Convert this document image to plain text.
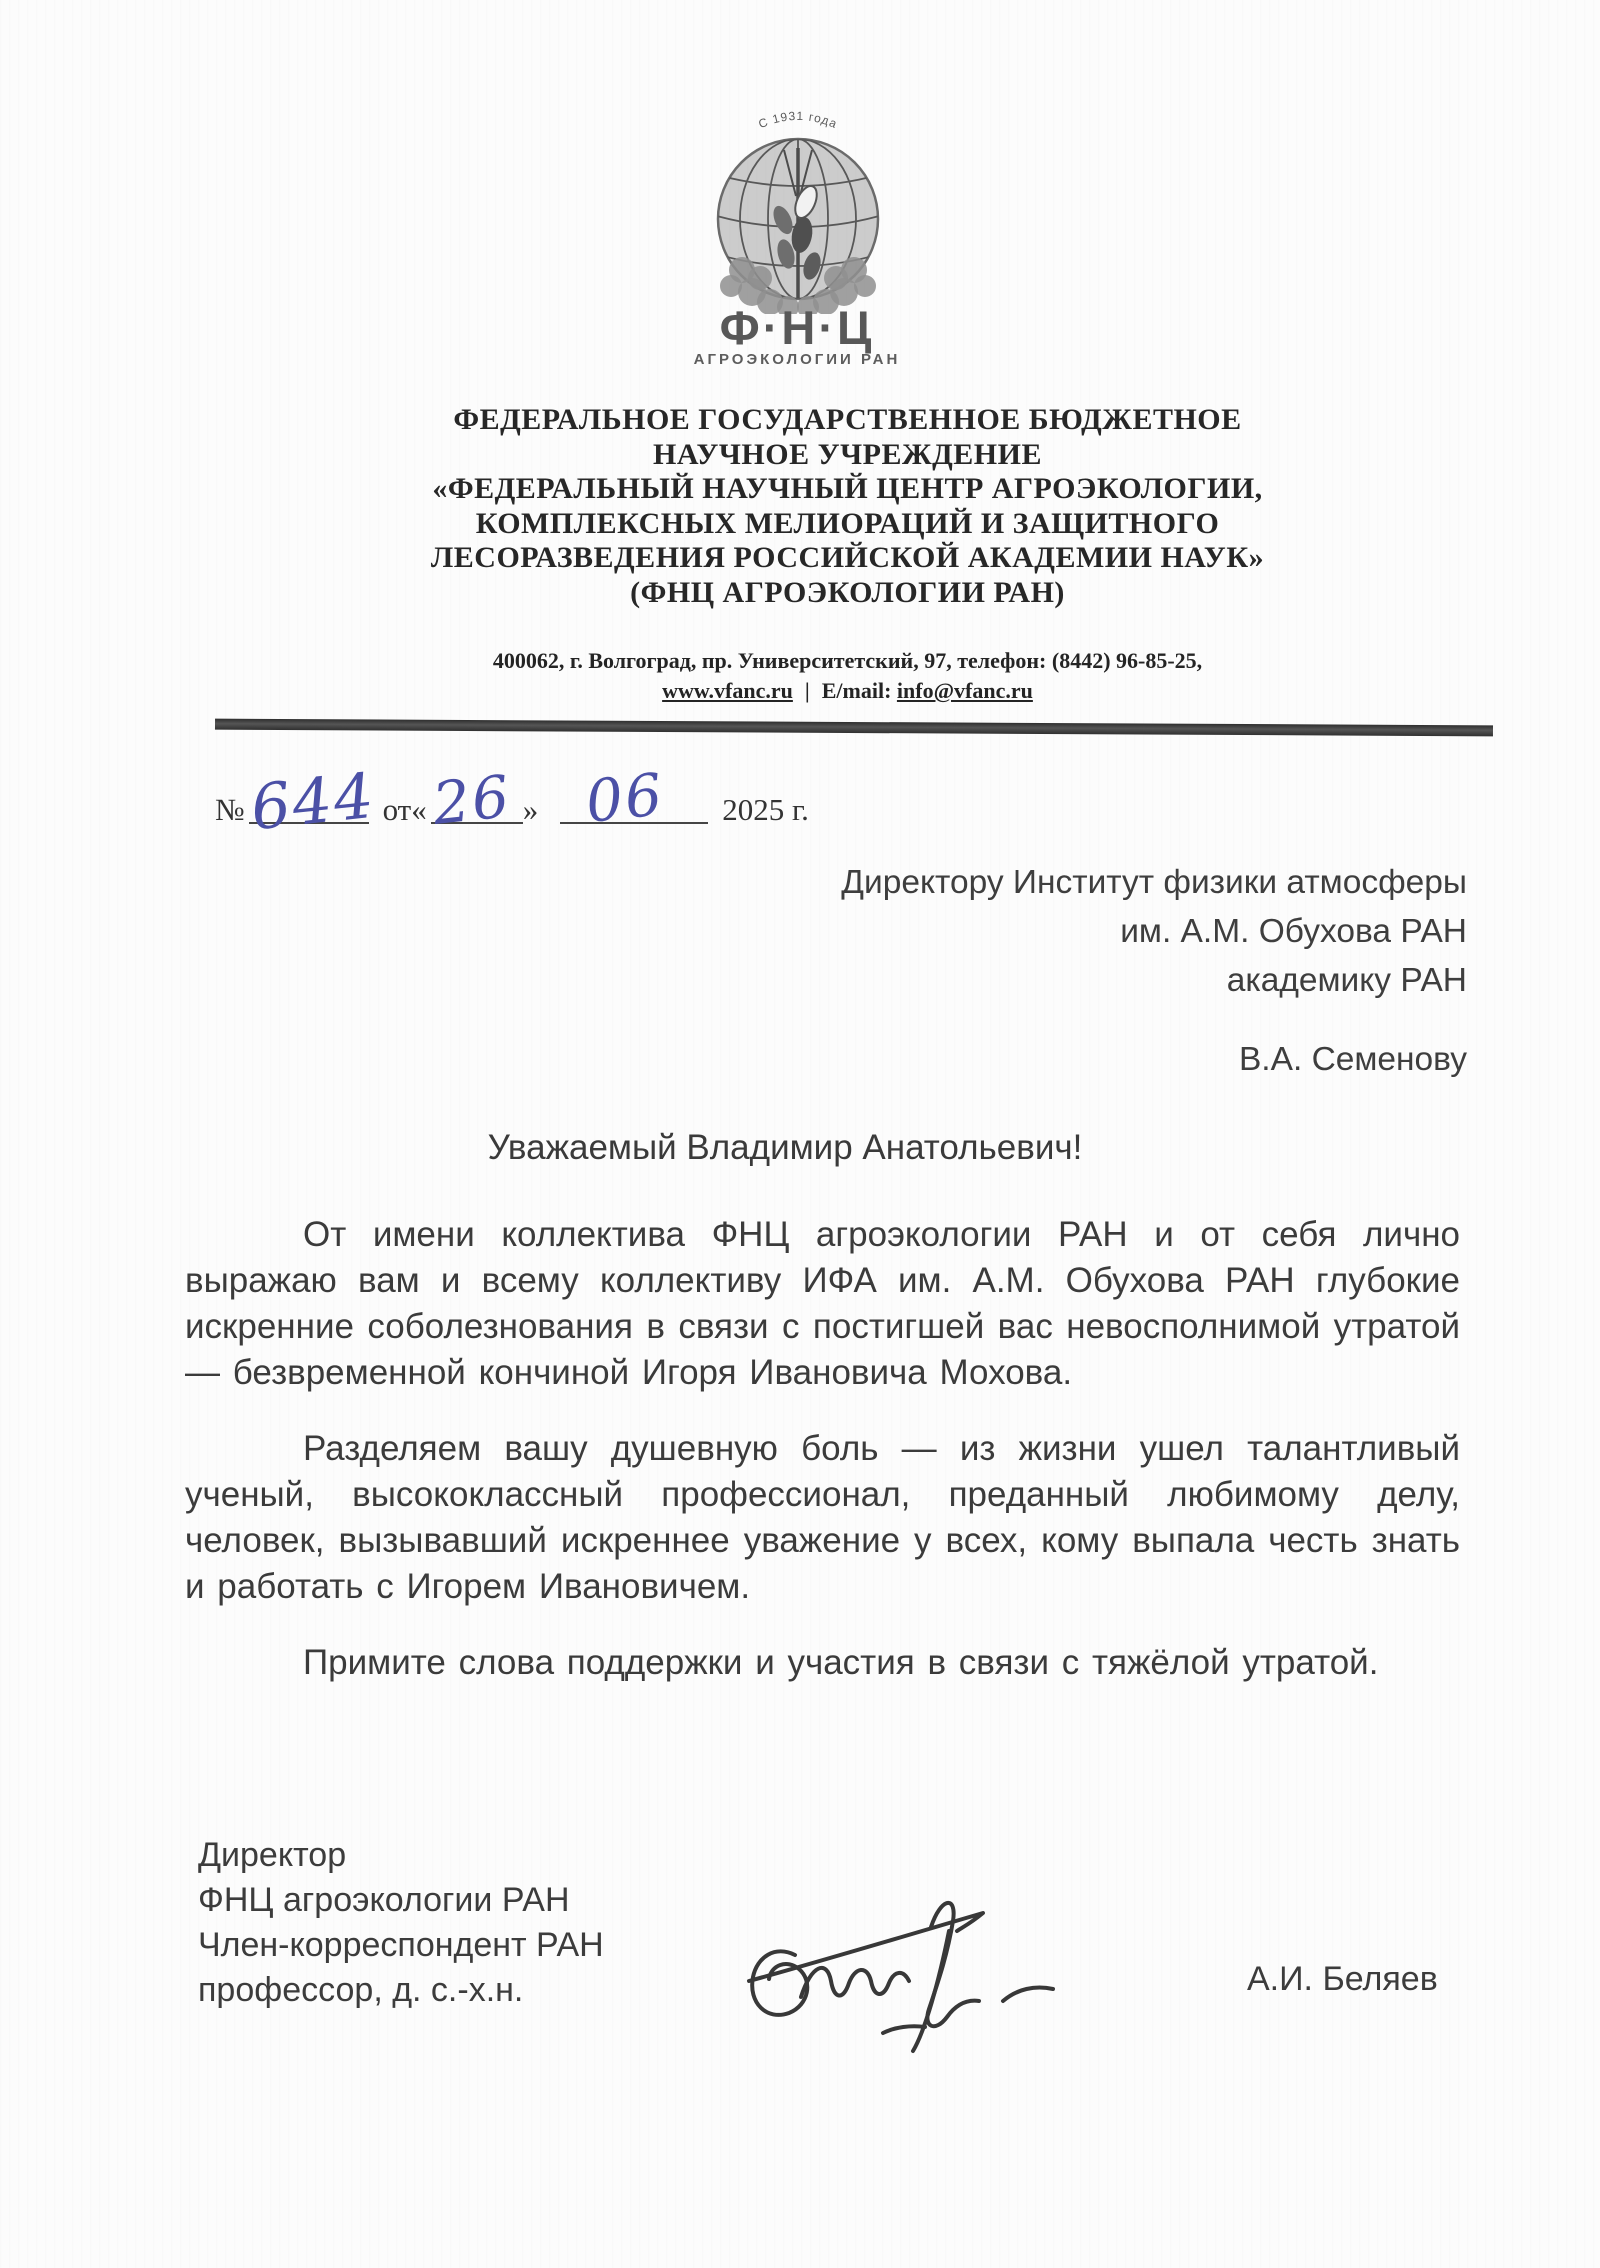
С 1931 года
Ф·Н·Ц
АГРОЭКОЛОГИИ РАН
ФЕДЕРАЛЬНОЕ ГОСУДАРСТВЕННОЕ БЮДЖЕТНОЕ
НАУЧНОЕ УЧРЕЖДЕНИЕ
«ФЕДЕРАЛЬНЫЙ НАУЧНЫЙ ЦЕНТР АГРОЭКОЛОГИИ,
КОМПЛЕКСНЫХ МЕЛИОРАЦИЙ И ЗАЩИТНОГО
ЛЕСОРАЗВЕДЕНИЯ РОССИЙСКОЙ АКАДЕМИИ НАУК»
(ФНЦ АГРОЭКОЛОГИИ РАН)
400062, г. Волгоград, пр. Университетский, 97, телефон: (8442) 96-85-25,
www.vfanc.ru | E/mail: info@vfanc.ru
№ 644 от « 26 » 06 2025 г.
Директору Институт физики атмосферы
им. А.М. Обухова РАН
академику РАН
В.А. Семенову
Уважаемый Владимир Анатольевич!

От имени коллектива ФНЦ агроэкологии РАН и от себя лично выражаю вам и всему коллективу ИФА им. А.М. Обухова РАН глубокие искренние соболезнования в связи с постигшей вас невосполнимой утратой — безвременной кончиной Игоря Ивановича Мохова.

Разделяем вашу душевную боль — из жизни ушел талантливый ученый, высококлассный профессионал, преданный любимому делу, человек, вызывавший искреннее уважение у всех, кому выпала честь знать и работать с Игорем Ивановичем.

Примите слова поддержки и участия в связи с тяжёлой утратой.

Директор
ФНЦ агроэкологии РАН
Член-корреспондент РАН
профессор, д. с.-х.н.	А.И. Беляев
